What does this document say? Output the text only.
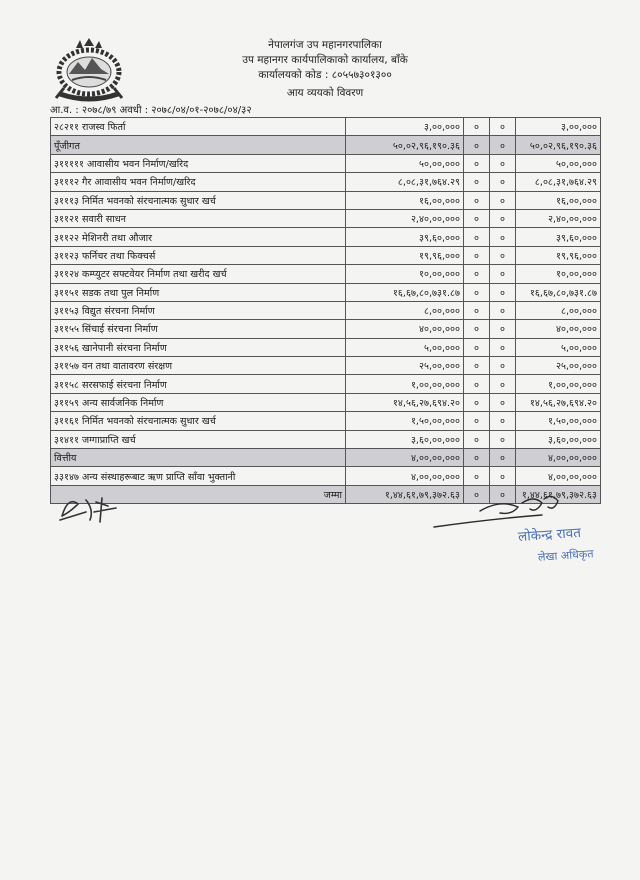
नेपालगंज उप महानगरपालिका
उप महानगर कार्यपालिकाको कार्यालय, बाँके
कार्यालयको कोड : ८०५५७३०१३००
आय व्ययको विवरण
आ.व. : २०७८/७९ अवधी : २०७८/०४/०१-२०७८/०४/३२
२८२११ राजस्व फिर्ता	३,००,०००	०	०	३,००,०००
पूँजीगत	५०,०२,९६,१९०.३६	०	०	५०,०२,९६,१९०.३६
३१११११ आवासीय भवन निर्माण/खरिद	५०,००,०००	०	०	५०,००,०००
३१११२ गैर आवासीय भवन निर्माण/खरिद	८,०८,३१,७६४.२९	०	०	८,०८,३१,७६४.२९
३१११३ निर्मित भवनको संरचनात्मक सुधार खर्च	१६,००,०००	०	०	१६,००,०००
३११२१ सवारी साधन	२,४०,००,०००	०	०	२,४०,००,०००
३११२२ मेशिनरी तथा औजार	३९,६०,०००	०	०	३९,६०,०००
३११२३ फर्निचर तथा फिक्चर्स	१९,९६,०००	०	०	१९,९६,०००
३११२४ कम्प्युटर सफ्टवेयर निर्माण तथा खरीद खर्च	१०,००,०००	०	०	१०,००,०००
३११५१ सडक तथा पुल निर्माण	१६,६७,८०,७३१.८७	०	०	१६,६७,८०,७३१.८७
३११५३ विद्युत संरचना निर्माण	८,००,०००	०	०	८,००,०००
३११५५ सिंचाई संरचना निर्माण	४०,००,०००	०	०	४०,००,०००
३११५६ खानेपानी संरचना निर्माण	५,००,०००	०	०	५,००,०००
३११५७ वन तथा वातावरण संरक्षण	२५,००,०००	०	०	२५,००,०००
३११५८ सरसफाई संरचना निर्माण	१,००,००,०००	०	०	१,००,००,०००
३११५९ अन्य सार्वजनिक निर्माण	१४,५६,२७,६९४.२०	०	०	१४,५६,२७,६९४.२०
३११६१ निर्मित भवनको संरचनात्मक सुधार खर्च	१,५०,००,०००	०	०	१,५०,००,०००
३१४११ जग्गाप्राप्ति खर्च	३,६०,००,०००	०	०	३,६०,००,०००
वित्तीय	४,००,००,०००	०	०	४,००,००,०००
३३१४७ अन्य संस्थाहरूबाट ऋण प्राप्ति साँवा भुक्तानी	४,००,००,०००	०	०	४,००,००,०००
जम्मा	१,४४,६१,७९,३७२.६३	०	०	१,४४,६१,७९,३७२.६३
लोकेन्द्र रावत
लेखा अधिकृत
